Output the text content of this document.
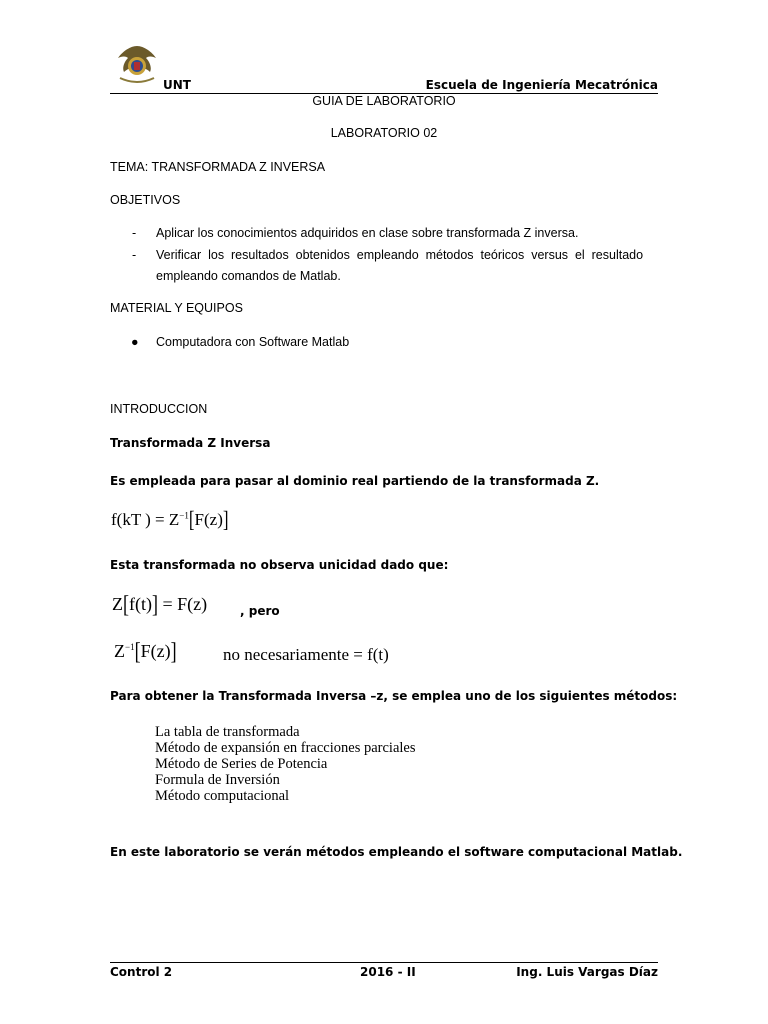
UNT	Escuela de Ingeniería Mecatrónica
GUIA DE LABORATORIO
LABORATORIO 02
TEMA: TRANSFORMADA Z INVERSA
OBJETIVOS
- Aplicar los conocimientos adquiridos en clase sobre transformada Z inversa.
- Verificar  los  resultados  obtenidos  empleando  métodos  teóricos  versus  el  resultado
empleando comandos de Matlab.
MATERIAL Y EQUIPOS
● Computadora con Software Matlab
INTRODUCCION
Transformada Z Inversa
Es empleada para pasar al dominio real partiendo de la transformada Z.
f(kT ) = $Z^{-1}[F(z)]$
Esta transformada no observa unicidad dado que:
Z[f(t)] = F(z)	, pero
$Z^{-1}[F(z)]$	no necesariamente = f(t)
Para obtener la Transformada Inversa –z, se emplea uno de los siguientes métodos:
La tabla de transformada
Método de expansión en fracciones parciales
Método de Series de Potencia
Formula de Inversión
Método computacional
En este laboratorio se verán métodos empleando el software computacional Matlab.
Control 2	2016 - II	Ing. Luis Vargas Díaz
